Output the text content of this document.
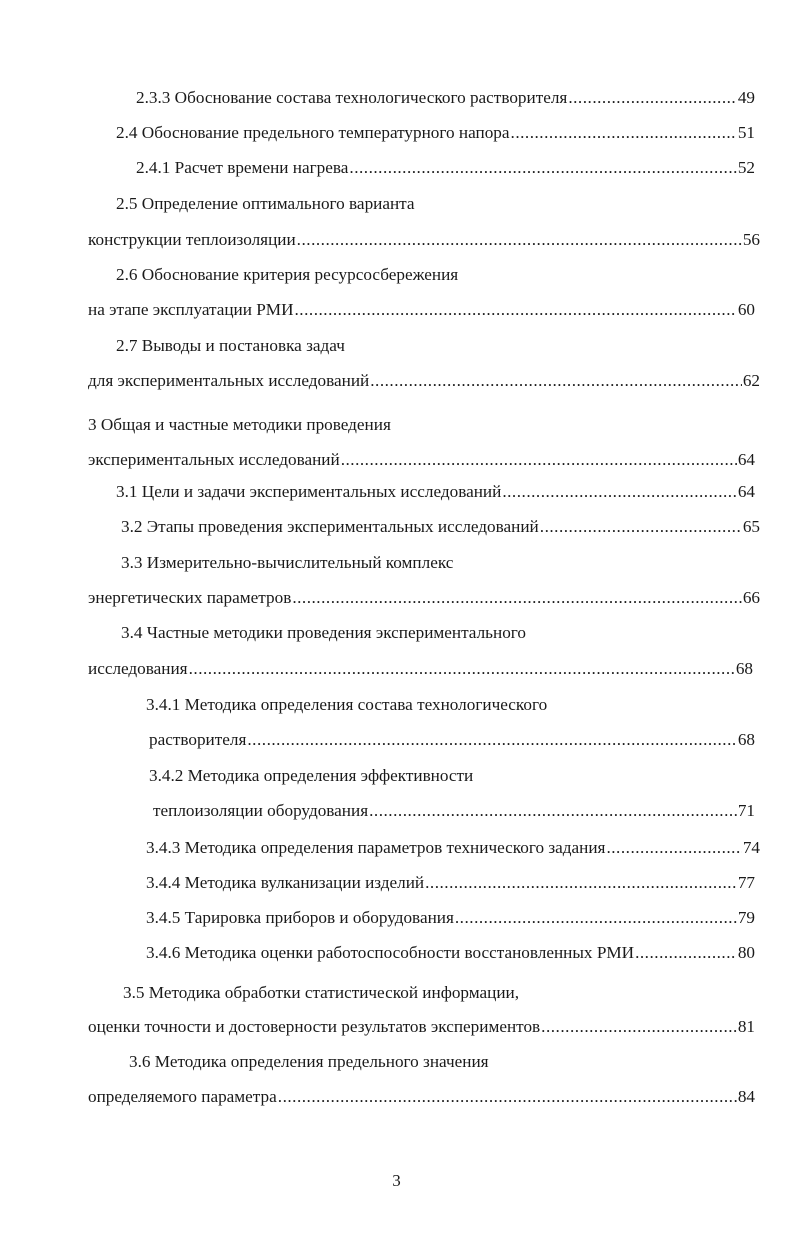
2.3.3 Обоснование состава технологического растворителя .....	49
2.4 Обоснование предельного температурного напора .....	51
2.4.1 Расчет времени нагрева .....	52
2.5 Определение оптимального варианта
конструкции теплоизоляции .....	56
2.6 Обоснование критерия ресурсосбережения
на этапе эксплуатации РМИ .....	60
2.7 Выводы и постановка задач
для экспериментальных исследований .....	62
3 Общая и частные методики проведения
экспериментальных исследований .....	64
3.1 Цели и задачи экспериментальных исследований .....	64
3.2 Этапы проведения экспериментальных исследований .....	65
3.3 Измерительно-вычислительный комплекс
энергетических параметров .....	66
3.4 Частные методики проведения экспериментального
исследования .....	68
3.4.1 Методика определения состава технологического
растворителя .....	68
3.4.2 Методика определения эффективности
теплоизоляции оборудования .....	71
3.4.3 Методика определения параметров технического задания .....	74
3.4.4 Методика вулканизации изделий .....	77
3.4.5 Тарировка приборов и оборудования .....	79
3.4.6 Методика оценки работоспособности восстановленных РМИ .....	80
3.5 Методика обработки статистической информации,
оценки точности и достоверности результатов экспериментов .....	81
3.6 Методика определения предельного значения
определяемого параметра .....	84
3
